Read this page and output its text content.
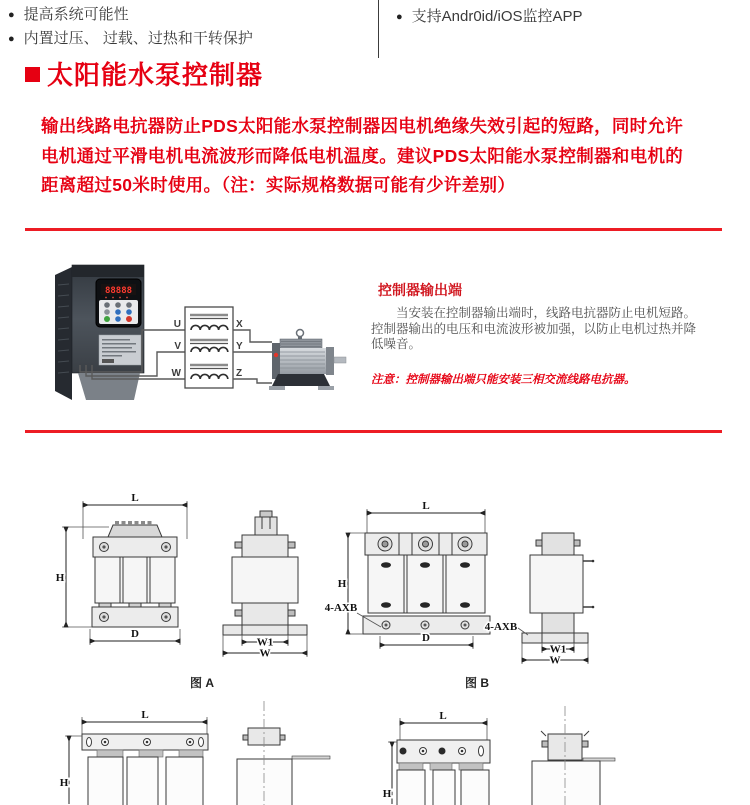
● 提高系统可能性
● 内置过压、 过载、过热和干转保护
● 支持Andr0id/iOS监控APP
太阳能水泵控制器
输出线路电抗器防止PDS太阳能水泵控制器因电机绝缘失效引起的短路，同时允许
电机通过平滑电机电流波形而降低电机温度。建议PDS太阳能水泵控制器和电机的
距离超过50米时使用。（注：实际规格数据可能有少许差别）
88888
U
V
W
X
Y
Z
控制器输出端
当安装在控制器输出端时，线路电抗器防止电机短路。
控制器输出的电压和电流波形被加强，以防止电机过热并降
低噪音。
注意：控制器输出端只能安装三相交流线路电抗器。
L
H
D
W1
W
图 A
L
D
H
4-AXB
4-AXB
W1
W
图 B
L
H
L
H
